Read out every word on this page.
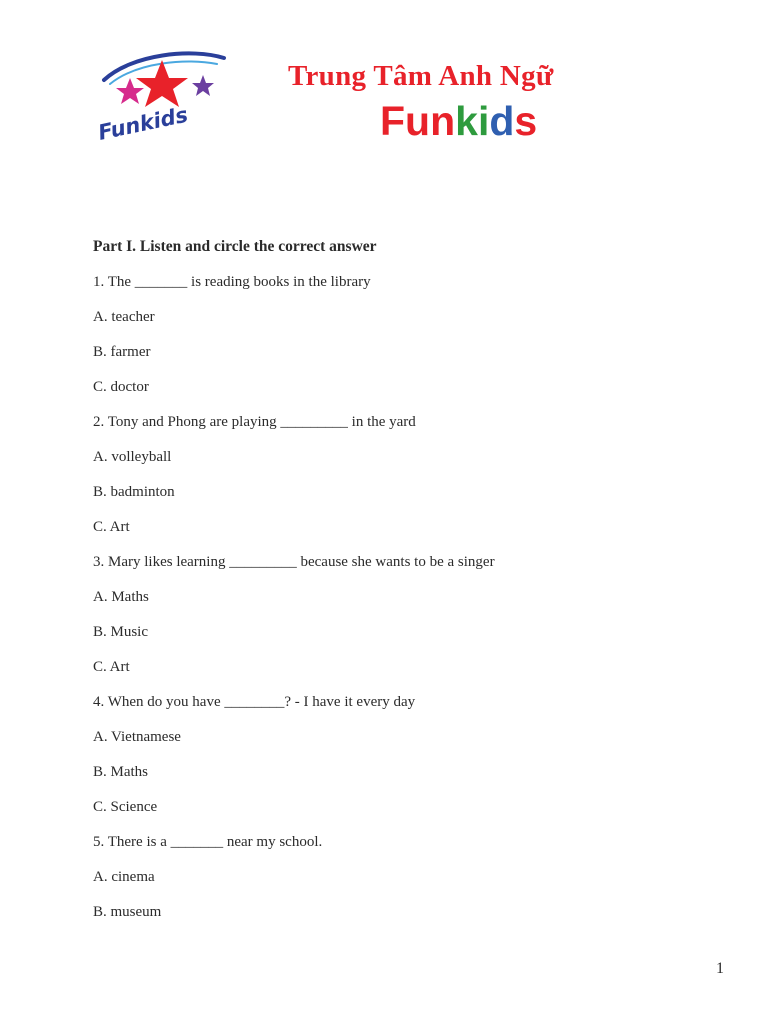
Funkids
Trung Tâm Anh Ngữ
Funkids
Part I. Listen and circle the correct answer
1. The _______ is reading books in the library
A. teacher
B. farmer
C. doctor
2. Tony and Phong are playing _________ in the yard
A. volleyball
B. badminton
C. Art
3. Mary likes learning _________ because she wants to be a singer
A. Maths
B. Music
C. Art
4. When do you have ________? - I have it every day
A. Vietnamese
B. Maths
C. Science
5. There is a _______ near my school.
A. cinema
B. museum
1
